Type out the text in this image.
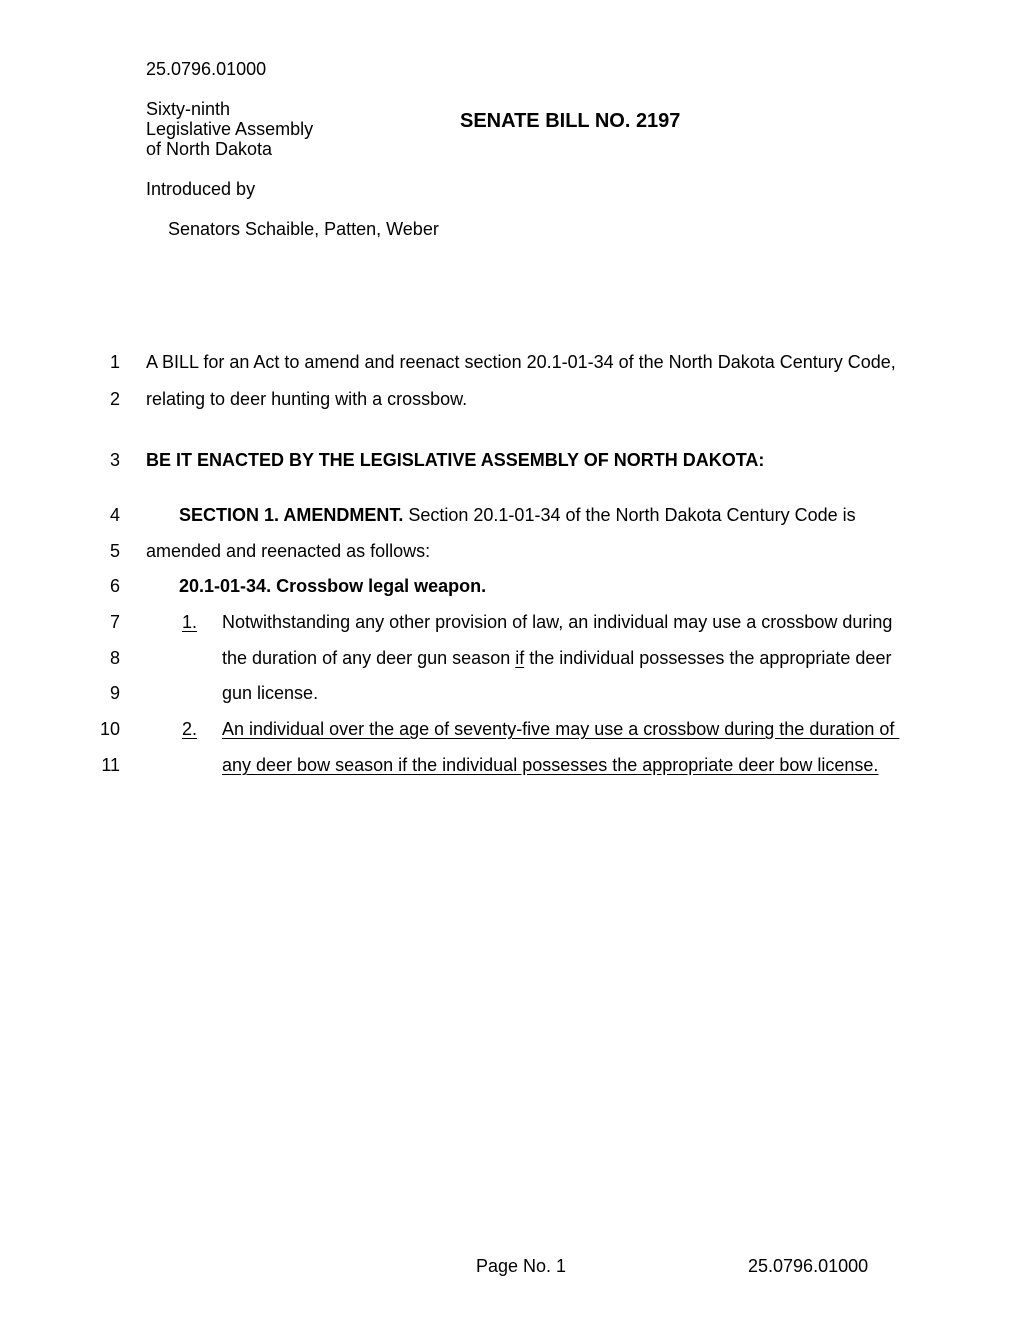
25.0796.01000
Sixty-ninth
Legislative Assembly
of North Dakota
SENATE BILL NO. 2197
Introduced by
Senators Schaible, Patten, Weber
1
2
3
4
5
6
7
8
9
10
11
A BILL for an Act to amend and reenact section 20.1-01-34 of the North Dakota Century Code,
relating to deer hunting with a crossbow.
BE IT ENACTED BY THE LEGISLATIVE ASSEMBLY OF NORTH DAKOTA:
SECTION 1. AMENDMENT. Section 20.1-01-34 of the North Dakota Century Code is
amended and reenacted as follows:
20.1-01-34. Crossbow legal weapon.
1. Notwithstanding any other provision of law, an individual may use a crossbow during
the duration of any deer gun season if the individual possesses the appropriate deer
gun license.
2. An individual over the age of seventy-five may use a crossbow during the duration of
any deer bow season if the individual possesses the appropriate deer bow license.
Page No. 1	25.0796.01000
